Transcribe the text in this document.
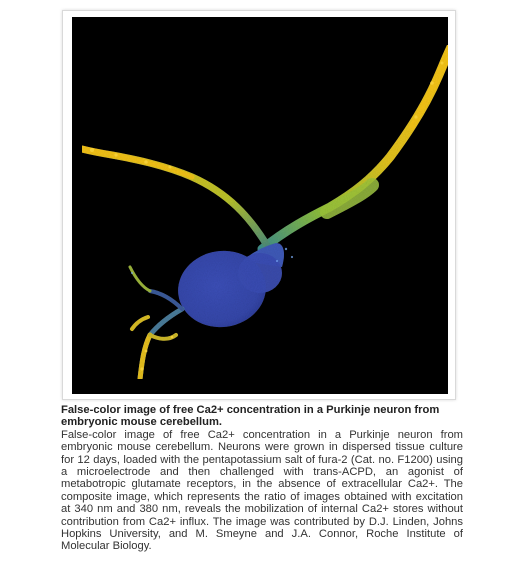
False-color image of free Ca2+ concentration in a Purkinje neuron from embryonic mouse cerebellum.

False-color image of free Ca2+ concentration in a Purkinje neuron from embryonic mouse cerebellum. Neurons were grown in dispersed tissue culture for 12 days, loaded with the pentapotassium salt of fura-2 (Cat. no. F1200) using a microelectrode and then challenged with trans-ACPD, an agonist of metabotropic glutamate receptors, in the absence of extracellular Ca2+. The composite image, which represents the ratio of images obtained with excitation at 340 nm and 380 nm, reveals the mobilization of internal Ca2+ stores without contribution from Ca2+ influx. The image was contributed by D.J. Linden, Johns Hopkins University, and M. Smeyne and J.A. Connor, Roche Institute of Molecular Biology.
